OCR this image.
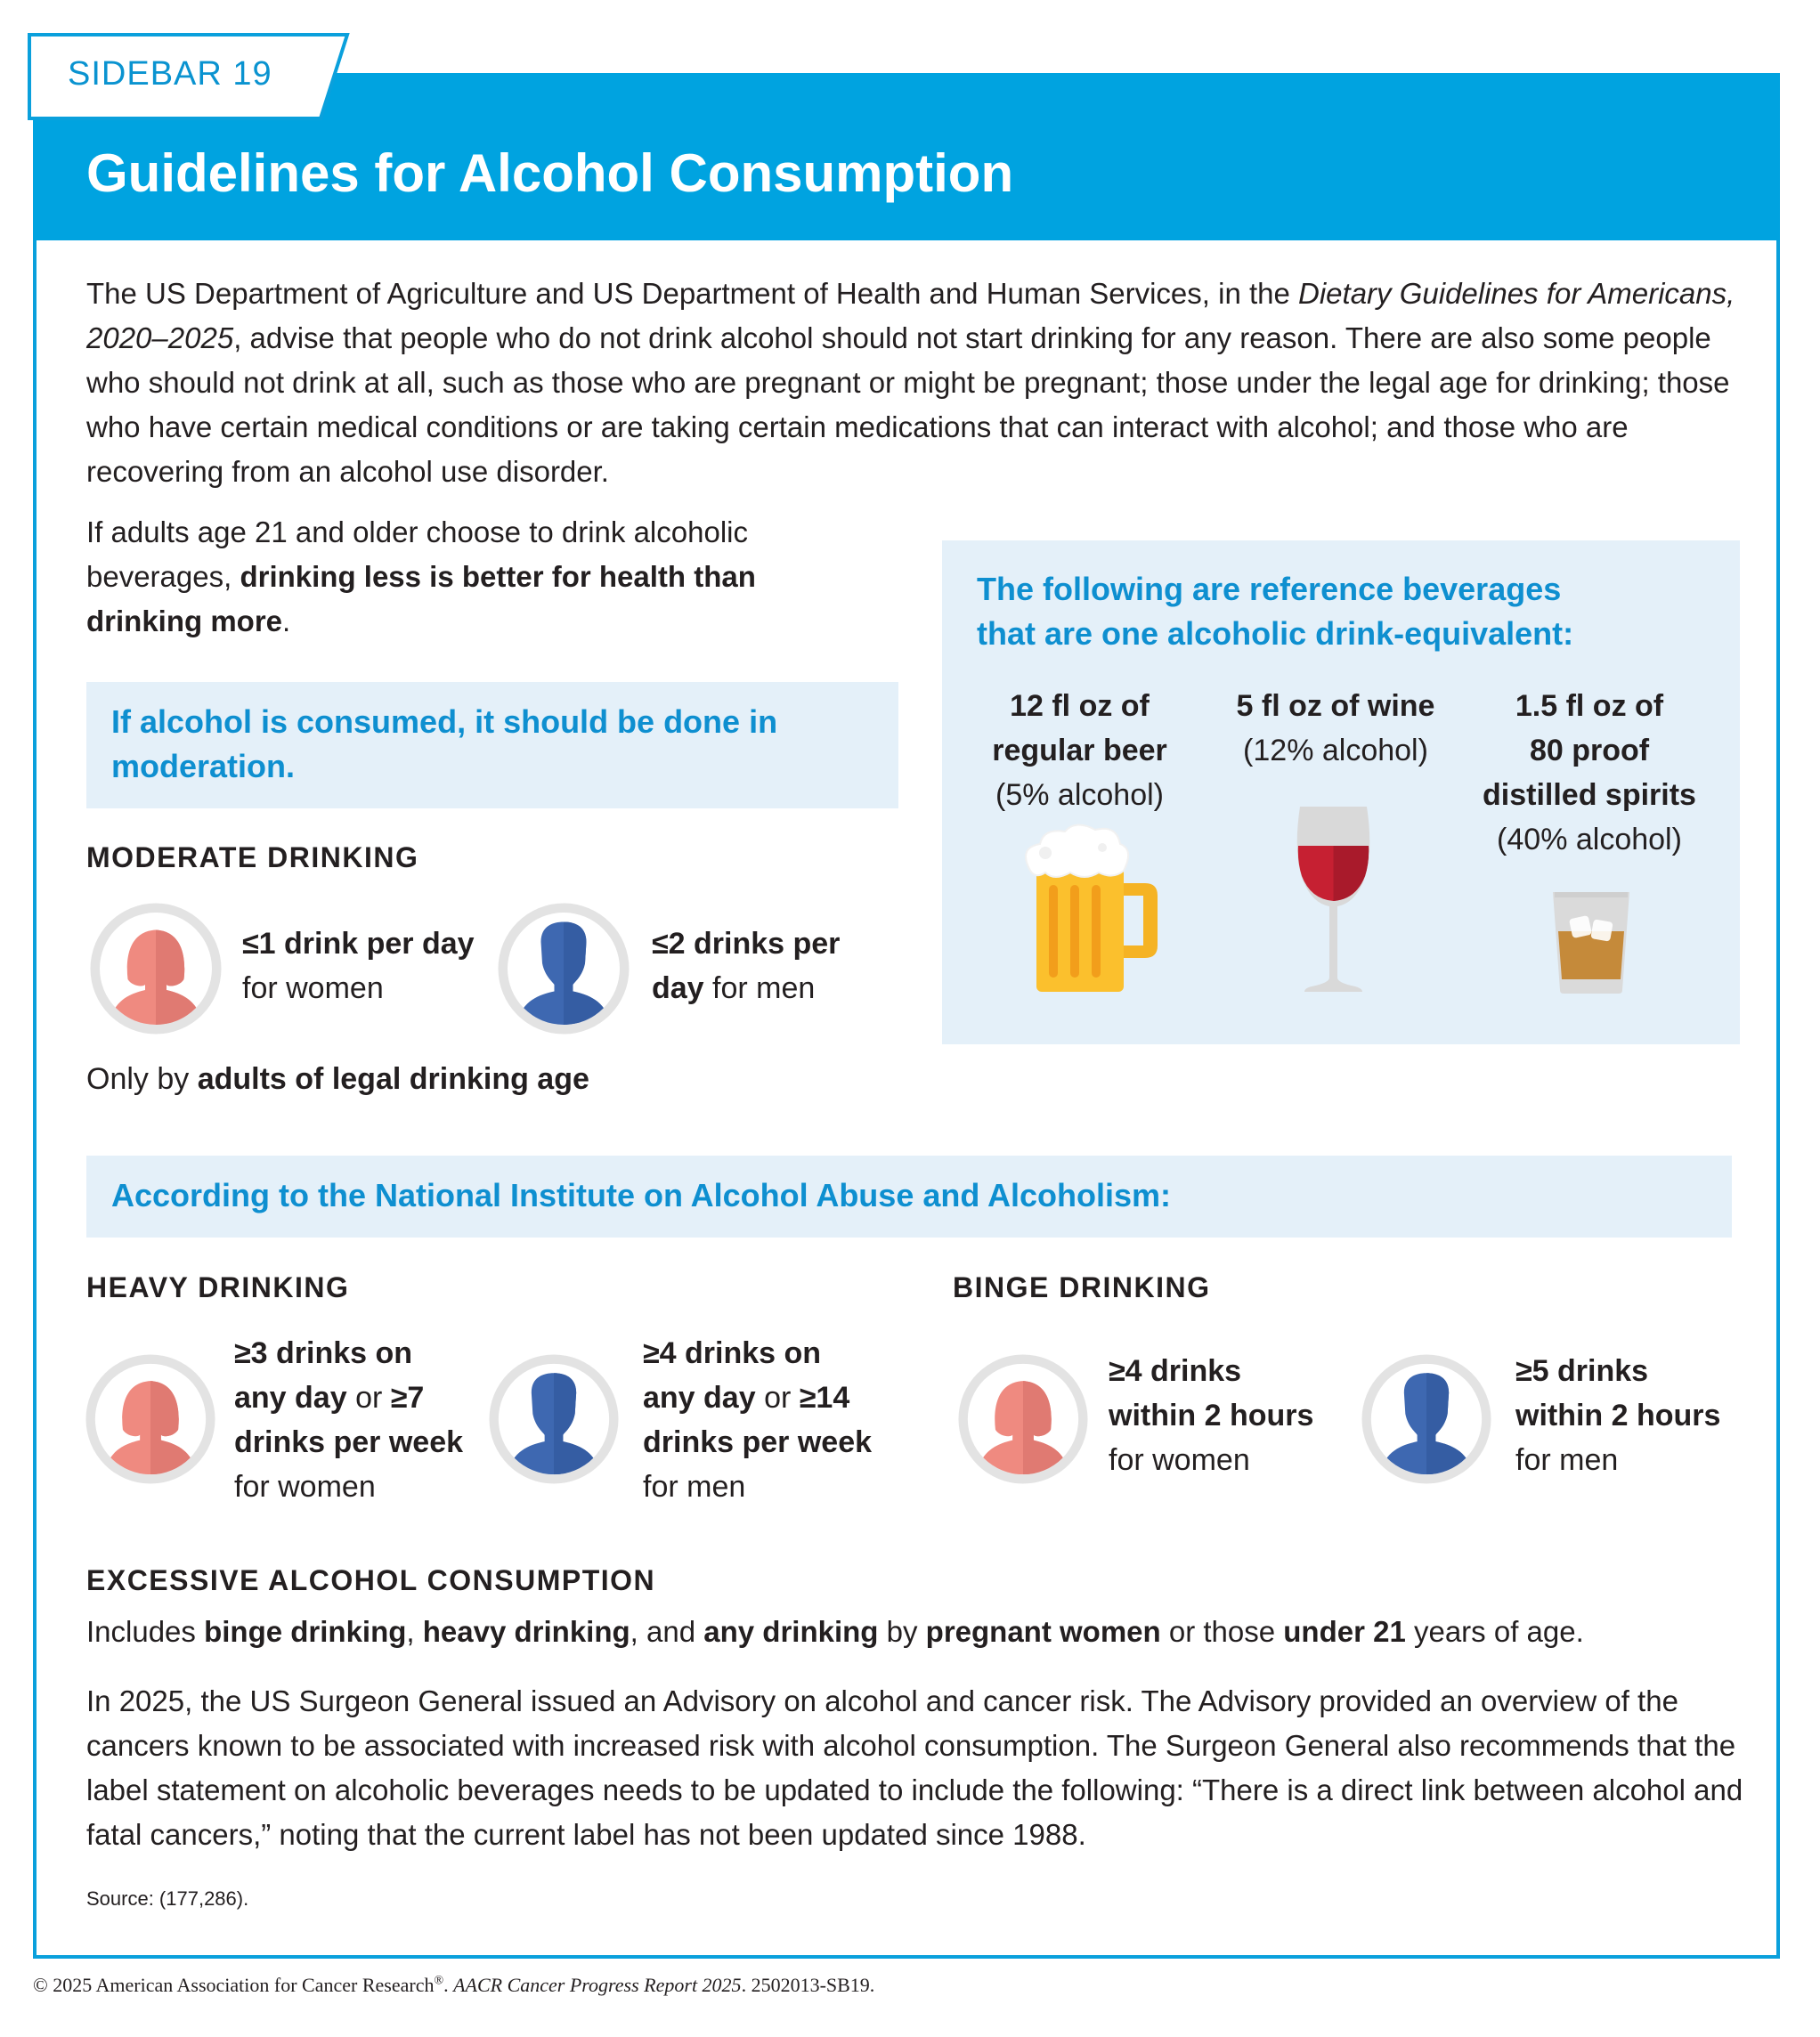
SIDEBAR 19
Guidelines for Alcohol Consumption

The US Department of Agriculture and US Department of Health and Human Services, in the Dietary Guidelines for Americans, 2020–2025, advise that people who do not drink alcohol should not start drinking for any reason. There are also some people who should not drink at all, such as those who are pregnant or might be pregnant; those under the legal age for drinking; those who have certain medical conditions or are taking certain medications that can interact with alcohol; and those who are recovering from an alcohol use disorder.

If adults age 21 and older choose to drink alcoholic beverages, drinking less is better for health than drinking more.

If alcohol is consumed, it should be done in moderation.

MODERATE DRINKING

≤1 drink per day for women
≤2 drinks per day for men
Only by adults of legal drinking age
The following are reference beverages
that are one alcoholic drink-equivalent:
12 fl oz of
regular beer
(5% alcohol)
5 fl oz of wine
(12% alcohol)
1.5 fl oz of
80 proof
distilled spirits
(40% alcohol)

According to the National Institute on Alcohol Abuse and Alcoholism:

HEAVY DRINKING

≥3 drinks on
any day or ≥7
drinks per week
for women
≥4 drinks on
any day or ≥14
drinks per week
for men

BINGE DRINKING

≥4 drinks
within 2 hours
for women
≥5 drinks
within 2 hours
for men

EXCESSIVE ALCOHOL CONSUMPTION

Includes binge drinking, heavy drinking, and any drinking by pregnant women or those under 21 years of age.

In 2025, the US Surgeon General issued an Advisory on alcohol and cancer risk. The Advisory provided an overview of the cancers known to be associated with increased risk with alcohol consumption. The Surgeon General also recommends that the label statement on alcoholic beverages needs to be updated to include the following: “There is a direct link between alcohol and fatal cancers,” noting that the current label has not been updated since 1988.

Source: (177,286).
© 2025 American Association for Cancer Research®. AACR Cancer Progress Report 2025. 2502013-SB19.
